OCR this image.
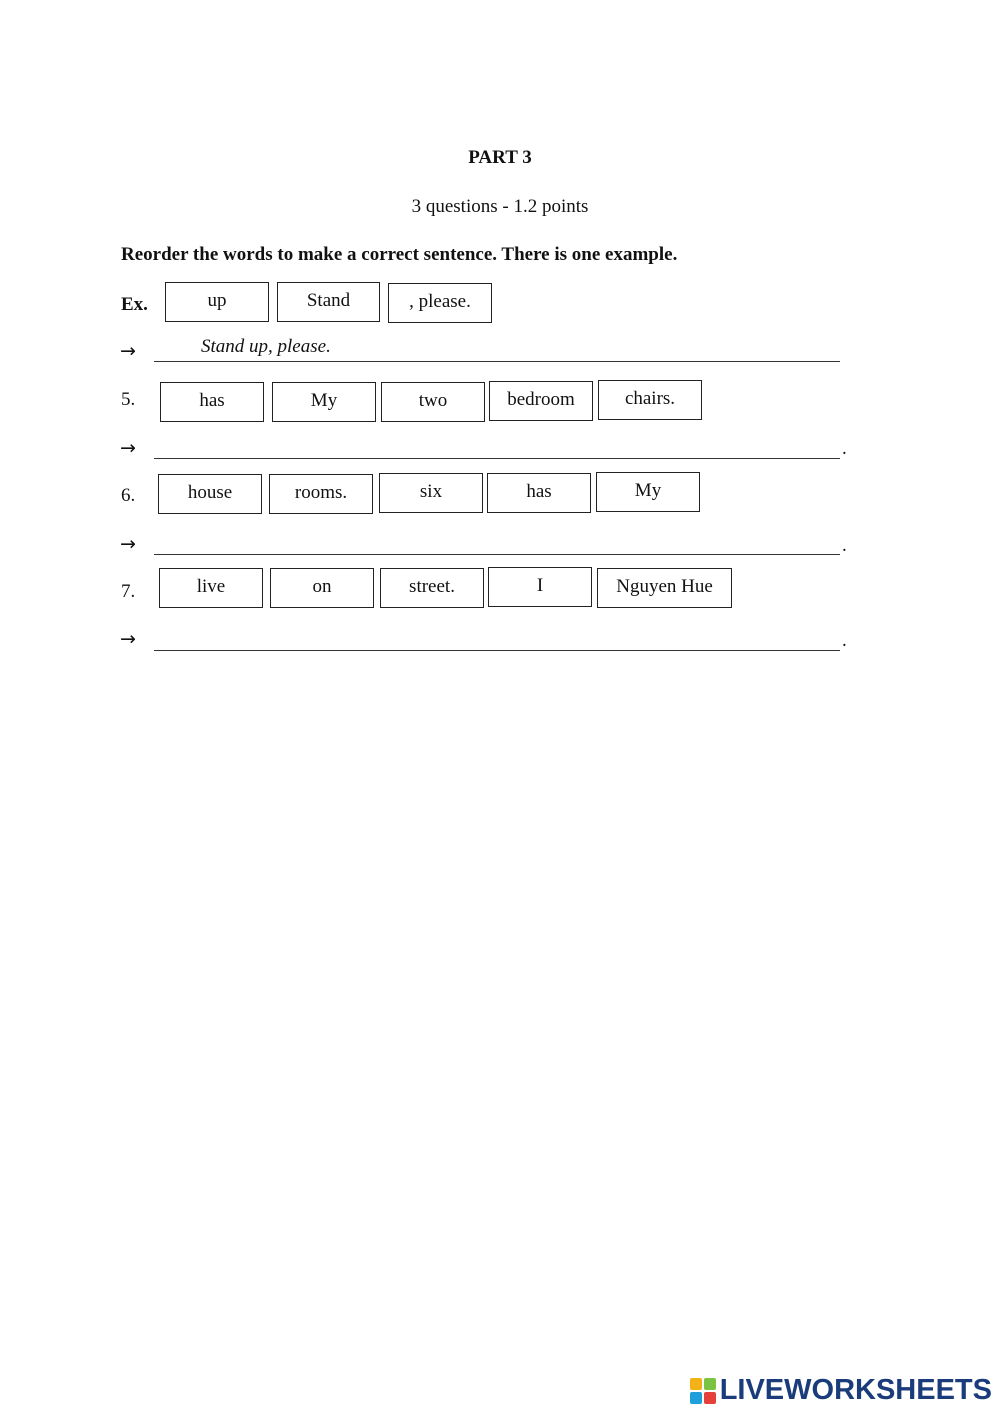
PART 3
3 questions - 1.2 points
Reorder the words to make a correct sentence. There is one example.
Ex.	up	Stand	, please.
→	Stand up, please.
5.	has	My	two	bedroom	chairs.
→	.
6.	house	rooms.	six	has	My
→	.
7.	live	on	street.	I	Nguyen Hue
→	.
LIVEWORKSHEETS
